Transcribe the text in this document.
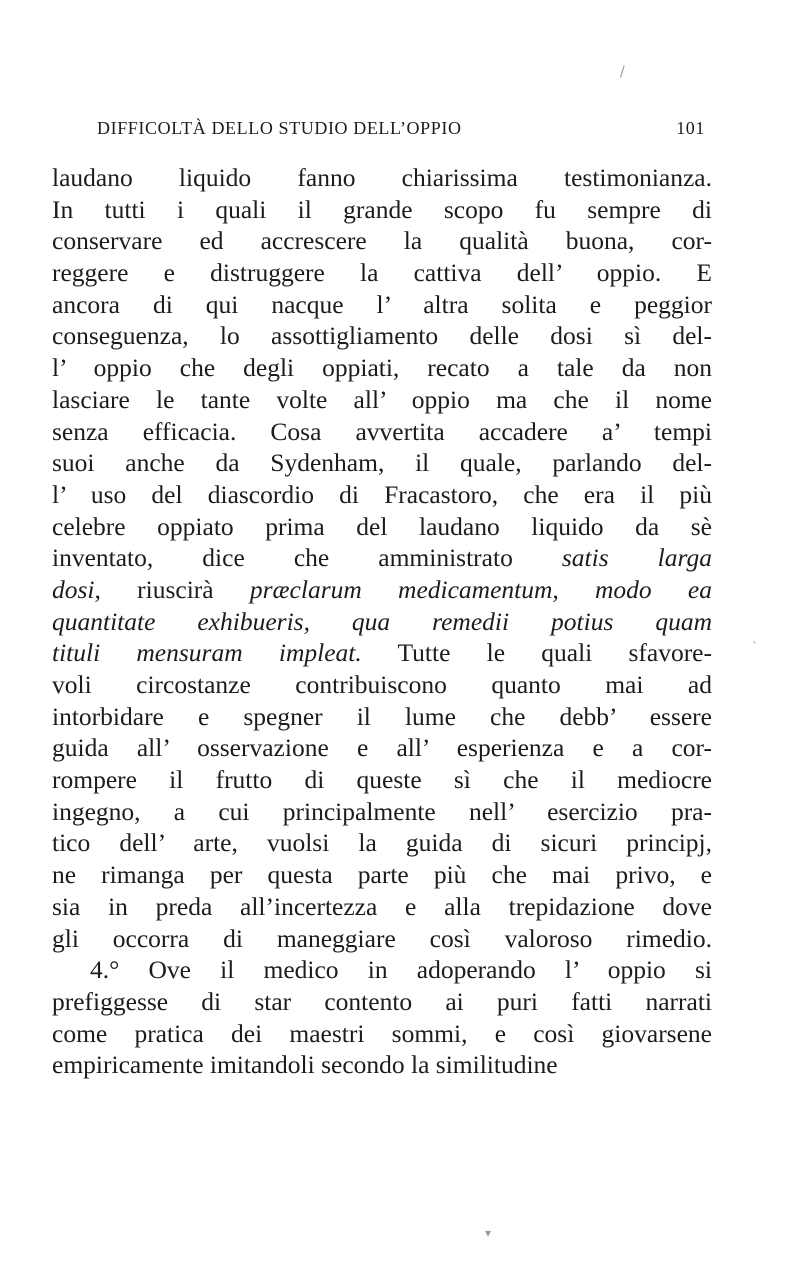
DIFFICOLTÀ DELLO STUDIO DELL’OPPIO	101
laudano liquido fanno chiarissima testimonianza.
In tutti i quali il grande scopo fu sempre di
conservare ed accrescere la qualità buona, cor-
reggere e distruggere la cattiva dell’ oppio. E
ancora di qui nacque l’ altra solita e peggior
conseguenza, lo assottigliamento delle dosi sì del-
l’ oppio che degli oppiati, recato a tale da non
lasciare le tante volte all’ oppio ma che il nome
senza efficacia. Cosa avvertita accadere a’ tempi
suoi anche da Sydenham, il quale, parlando del-
l’ uso del diascordio di Fracastoro, che era il più
celebre oppiato prima del laudano liquido da sè
inventato, dice che amministrato satis larga
dosi, riuscirà præclarum medicamentum, modo ea
quantitate exhibueris, qua remedii potius quam
tituli mensuram impleat. Tutte le quali sfavore-
voli circostanze contribuiscono quanto mai ad
intorbidare e spegner il lume che debb’ essere
guida all’ osservazione e all’ esperienza e a cor-
rompere il frutto di queste sì che il mediocre
ingegno, a cui principalmente nell’ esercizio pra-
tico dell’ arte, vuolsi la guida di sicuri principj,
ne rimanga per questa parte più che mai privo, e
sia in preda all’incertezza e alla trepidazione dove
gli occorra di maneggiare così valoroso rimedio.
4.° Ove il medico in adoperando l’ oppio si
prefiggesse di star contento ai puri fatti narrati
come pratica dei maestri sommi, e così giovarsene
empiricamente imitandoli secondo la similitudine
/
ˋ
▾
